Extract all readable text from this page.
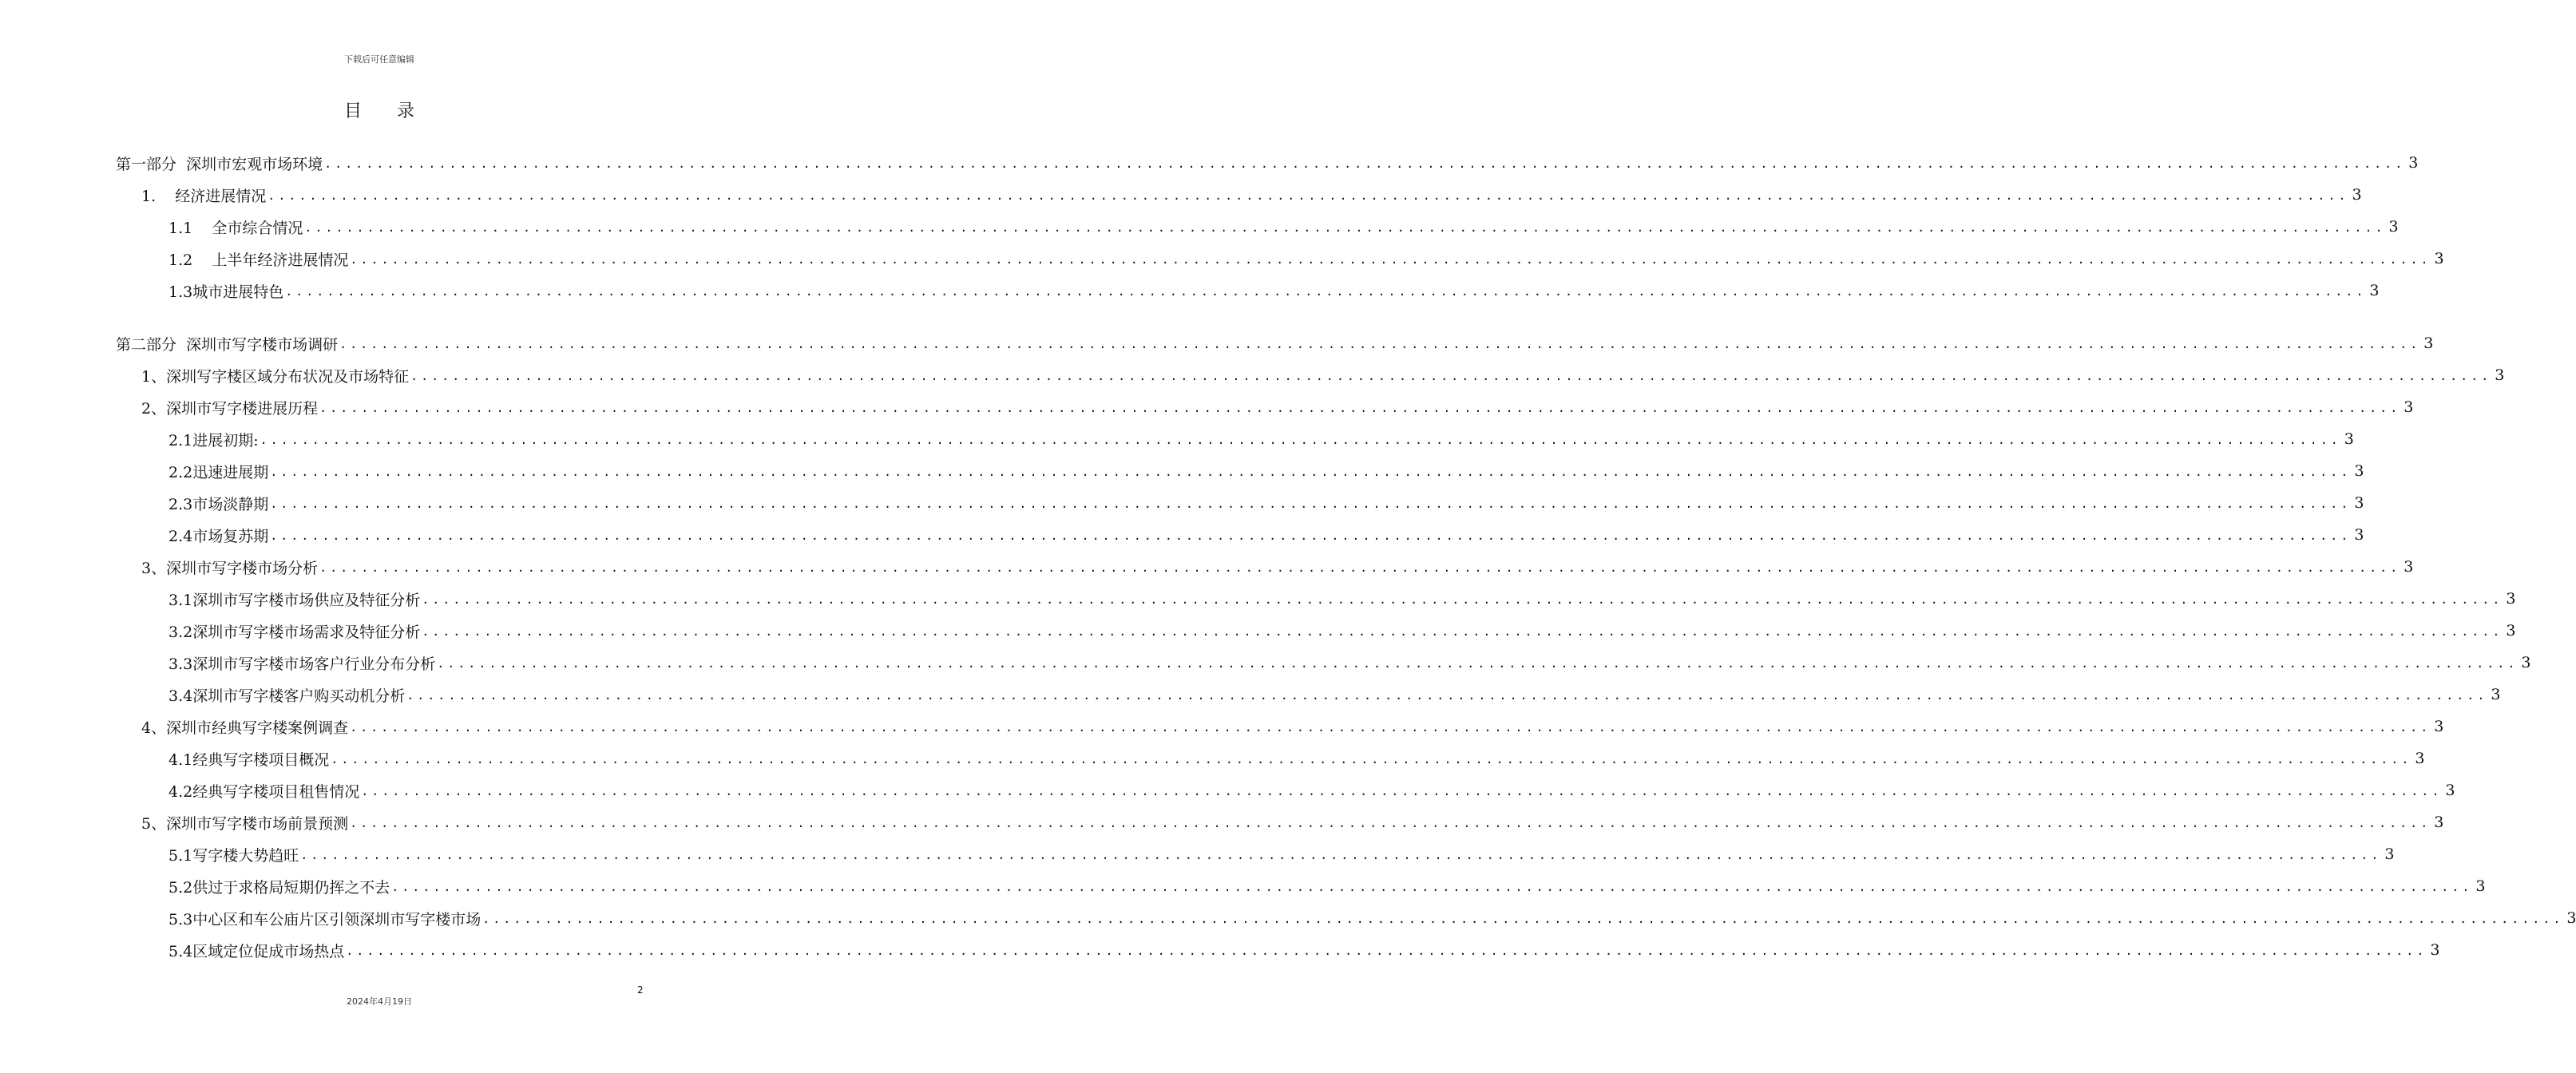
下载后可任意编辑
目录
第一部分  深圳市宏观市场环境 ........................................................................................................................................................................................................ 3
1.    经济进展情况 ........................................................................................................................................................................................................ 3
1.1    全市综合情况 ........................................................................................................................................................................................................ 3
1.2    上半年经济进展情况 ........................................................................................................................................................................................................ 3
1.3城市进展特色 ........................................................................................................................................................................................................ 3
第二部分  深圳市写字楼市场调研 ........................................................................................................................................................................................................ 3
1、深圳写字楼区域分布状况及市场特征 ........................................................................................................................................................................................................ 3
2、深圳市写字楼进展历程 ........................................................................................................................................................................................................ 3
2.1进展初期: ........................................................................................................................................................................................................ 3
2.2迅速进展期 ........................................................................................................................................................................................................ 3
2.3市场淡静期 ........................................................................................................................................................................................................ 3
2.4市场复苏期 ........................................................................................................................................................................................................ 3
3、深圳市写字楼市场分析 ........................................................................................................................................................................................................ 3
3.1深圳市写字楼市场供应及特征分析 ........................................................................................................................................................................................................ 3
3.2深圳市写字楼市场需求及特征分析 ........................................................................................................................................................................................................ 3
3.3深圳市写字楼市场客户行业分布分析 ........................................................................................................................................................................................................ 3
3.4深圳市写字楼客户购买动机分析 ........................................................................................................................................................................................................ 3
4、深圳市经典写字楼案例调查 ........................................................................................................................................................................................................ 3
4.1经典写字楼项目概况 ........................................................................................................................................................................................................ 3
4.2经典写字楼项目租售情况 ........................................................................................................................................................................................................ 3
5、深圳市写字楼市场前景预测 ........................................................................................................................................................................................................ 3
5.1写字楼大势趋旺 ........................................................................................................................................................................................................ 3
5.2供过于求格局短期仍挥之不去 ........................................................................................................................................................................................................ 3
5.3中心区和车公庙片区引领深圳市写字楼市场 ........................................................................................................................................................................................................ 3
5.4区域定位促成市场热点 ........................................................................................................................................................................................................ 3
2
2024年4月19日
